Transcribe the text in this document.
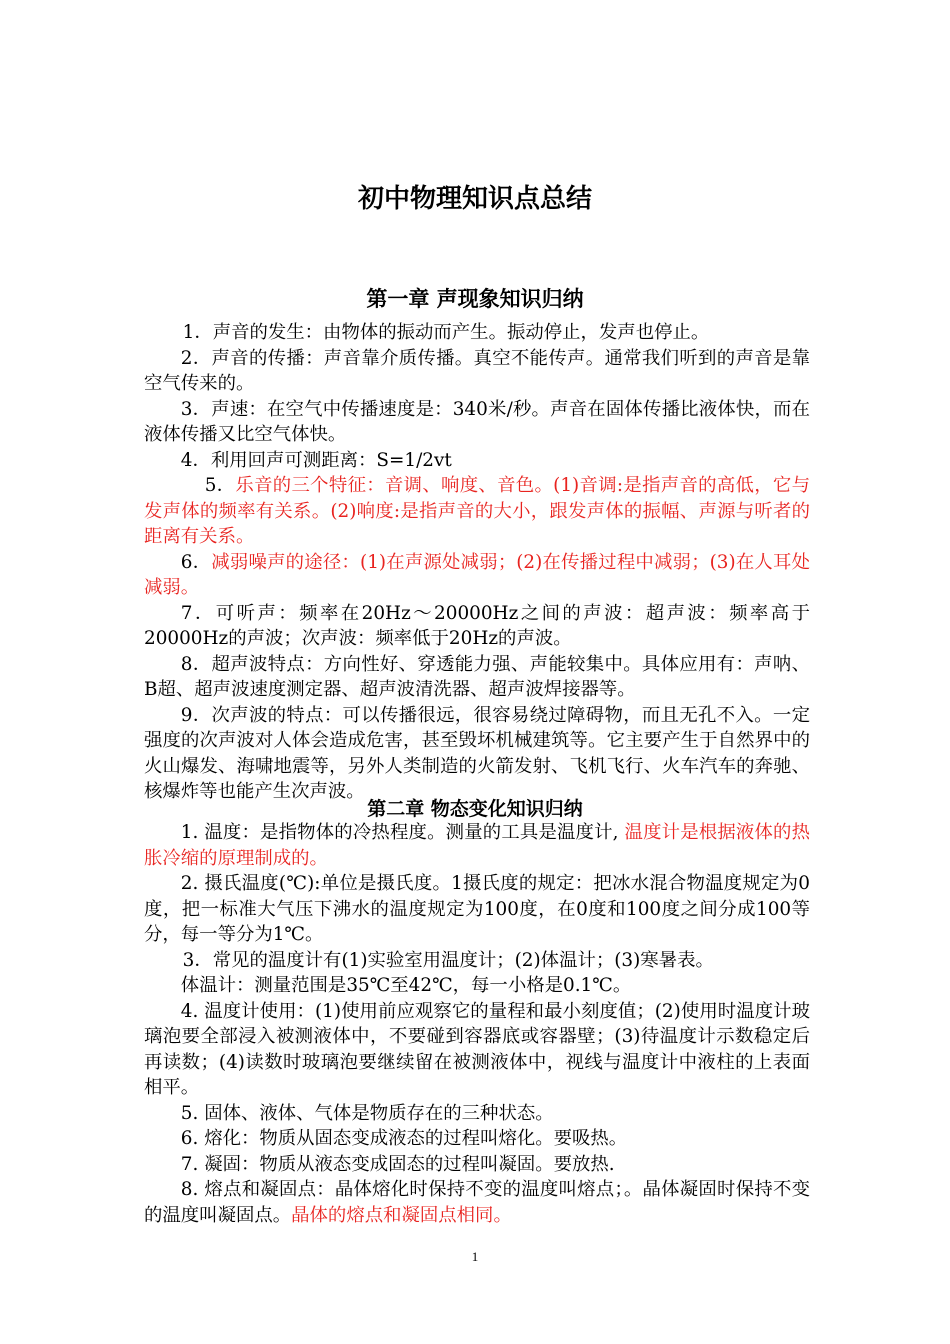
初中物理知识点总结
第一章 声现象知识归纳

1．声音的发生：由物体的振动而产生。振动停止，发声也停止。

2．声音的传播：声音靠介质传播。真空不能传声。通常我们听到的声音是靠空气传来的。

3．声速：在空气中传播速度是：340米/秒。声音在固体传播比液体快，而在液体传播又比空气体快。

4．利用回声可测距离：S=1/2vt

5．乐音的三个特征：音调、响度、音色。(1)音调:是指声音的高低，它与发声体的频率有关系。(2)响度:是指声音的大小，跟发声体的振幅、声源与听者的距离有关系。

6．减弱噪声的途径：(1)在声源处减弱；(2)在传播过程中减弱；(3)在人耳处减弱。

7．可听声：频率在20Hz～20000Hz之间的声波：超声波：频率高于20000Hz的声波；次声波：频率低于20Hz的声波。

8．超声波特点：方向性好、穿透能力强、声能较集中。具体应用有：声呐、B超、超声波速度测定器、超声波清洗器、超声波焊接器等。

9．次声波的特点：可以传播很远，很容易绕过障碍物，而且无孔不入。一定强度的次声波对人体会造成危害，甚至毁坏机械建筑等。它主要产生于自然界中的火山爆发、海啸地震等，另外人类制造的火箭发射、飞机飞行、火车汽车的奔驰、核爆炸等也能产生次声波。

第二章 物态变化知识归纳

1. 温度：是指物体的冷热程度。测量的工具是温度计, 温度计是根据液体的热胀冷缩的原理制成的。

2. 摄氏温度(℃):单位是摄氏度。1摄氏度的规定：把冰水混合物温度规定为0度，把一标准大气压下沸水的温度规定为100度，在0度和100度之间分成100等分，每一等分为1℃。

3．常见的温度计有(1)实验室用温度计；(2)体温计；(3)寒暑表。

体温计：测量范围是35℃至42℃，每一小格是0.1℃。

4. 温度计使用：(1)使用前应观察它的量程和最小刻度值；(2)使用时温度计玻璃泡要全部浸入被测液体中，不要碰到容器底或容器壁；(3)待温度计示数稳定后再读数；(4)读数时玻璃泡要继续留在被测液体中，视线与温度计中液柱的上表面相平。

5. 固体、液体、气体是物质存在的三种状态。

6. 熔化：物质从固态变成液态的过程叫熔化。要吸热。

7. 凝固：物质从液态变成固态的过程叫凝固。要放热.

8. 熔点和凝固点：晶体熔化时保持不变的温度叫熔点；。晶体凝固时保持不变的温度叫凝固点。晶体的熔点和凝固点相同。

1
